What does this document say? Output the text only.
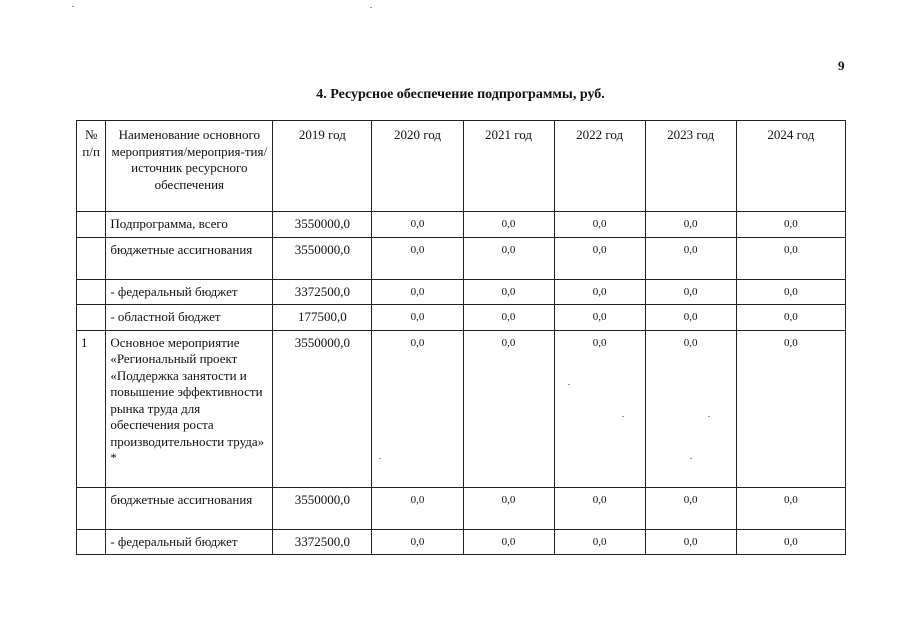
9
4. Ресурсное обеспечение подпрограммы, руб.
№ п/п	Наименование основного мероприятия/мероприя-тия/источник ресурсного обеспечения	2019 год	2020 год	2021 год	2022 год	2023 год	2024 год
	Подпрограмма, всего	3550000,0	0,0	0,0	0,0	0,0	0,0
	бюджетные ассигнования	3550000,0	0,0	0,0	0,0	0,0	0,0
	- федеральный бюджет	3372500,0	0,0	0,0	0,0	0,0	0,0
	- областной бюджет	177500,0	0,0	0,0	0,0	0,0	0,0
1	Основное мероприятие «Региональный проект «Поддержка занятости и повышение эффективности рынка труда для обеспечения роста производительности труда» *	3550000,0	0,0	0,0	0,0	0,0	0,0
	бюджетные ассигнования	3550000,0	0,0	0,0	0,0	0,0	0,0
	- федеральный бюджет	3372500,0	0,0	0,0	0,0	0,0	0,0
